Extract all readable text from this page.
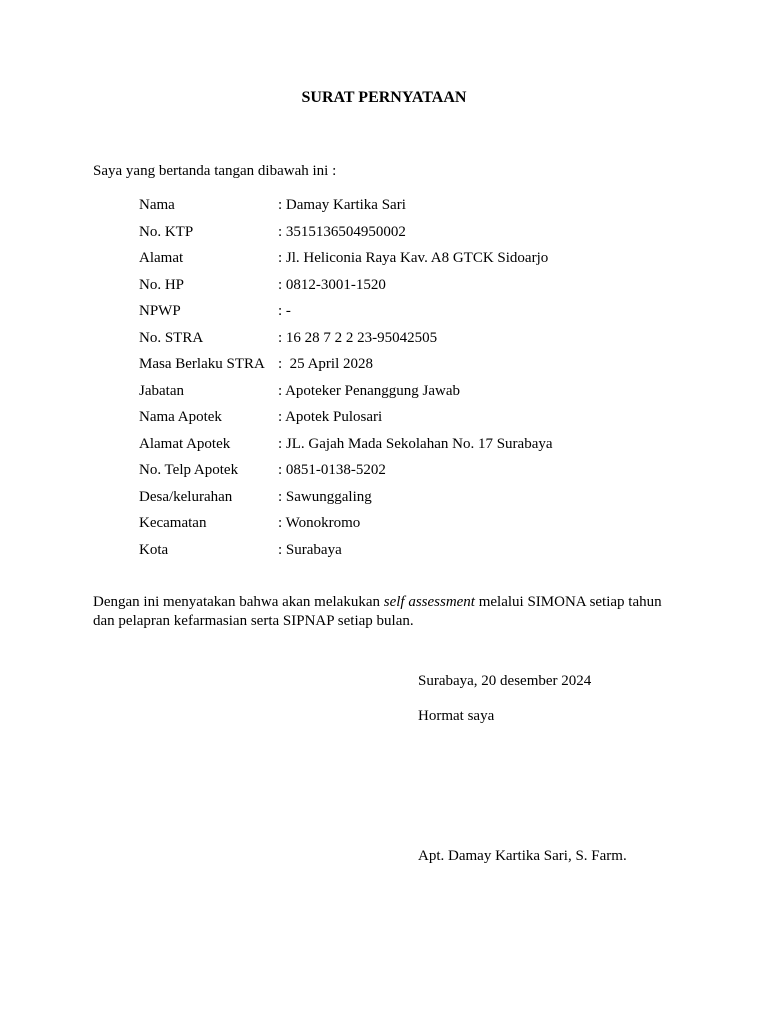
SURAT PERNYATAAN
Saya yang bertanda tangan dibawah ini :
Nama	: Damay Kartika Sari
No. KTP	: 3515136504950002
Alamat	: Jl. Heliconia Raya Kav. A8 GTCK Sidoarjo
No. HP	: 0812-3001-1520
NPWP	: -
No. STRA	: 16 28 7 2 2 23-95042505
Masa Berlaku STRA :  25 April 2028
Jabatan	: Apoteker Penanggung Jawab
Nama Apotek	: Apotek Pulosari
Alamat Apotek	: JL. Gajah Mada Sekolahan No. 17 Surabaya
No. Telp Apotek	: 0851-0138-5202
Desa/kelurahan	: Sawunggaling
Kecamatan	: Wonokromo
Kota	: Surabaya
Dengan ini menyatakan bahwa akan melakukan self assessment melalui SIMONA setiap tahun dan pelapran kefarmasian serta SIPNAP setiap bulan.
Surabaya, 20 desember 2024
Hormat saya
Apt. Damay Kartika Sari, S. Farm.
